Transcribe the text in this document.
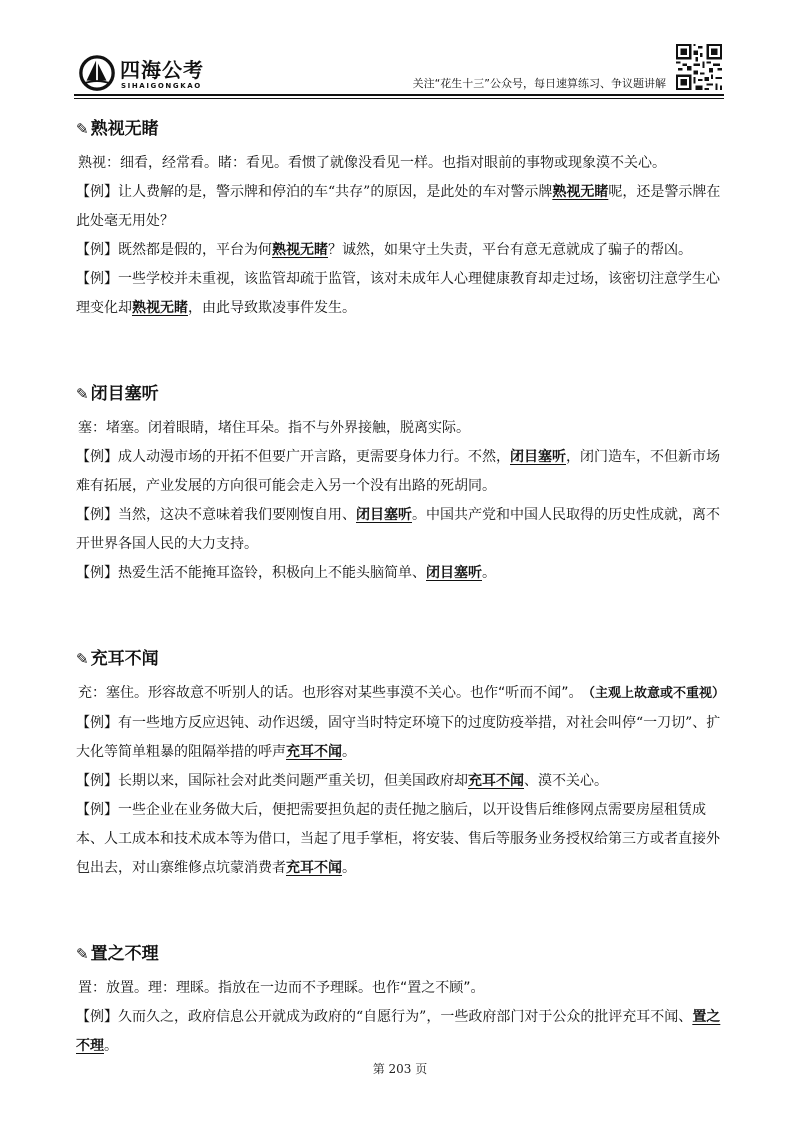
四海公考
SIHAIGONGKAO	关注“花生十三”公众号，每日速算练习、争议题讲解
✎ 熟视无睹

熟视：细看，经常看。睹：看见。看惯了就像没看见一样。也指对眼前的事物或现象漠不关心。

【例】让人费解的是，警示牌和停泊的车“共存”的原因，是此处的车对警示牌熟视无睹呢，还是警示牌在此处毫无用处？

【例】既然都是假的，平台为何熟视无睹？诚然，如果守土失责，平台有意无意就成了骗子的帮凶。

【例】一些学校并未重视，该监管却疏于监管，该对未成年人心理健康教育却走过场，该密切注意学生心理变化却熟视无睹，由此导致欺凌事件发生。

✎ 闭目塞听

塞：堵塞。闭着眼睛，堵住耳朵。指不与外界接触，脱离实际。

【例】成人动漫市场的开拓不但要广开言路，更需要身体力行。不然，闭目塞听，闭门造车，不但新市场难有拓展，产业发展的方向很可能会走入另一个没有出路的死胡同。

【例】当然，这决不意味着我们要刚愎自用、闭目塞听。中国共产党和中国人民取得的历史性成就，离不开世界各国人民的大力支持。

【例】热爱生活不能掩耳盗铃，积极向上不能头脑简单、闭目塞听。

✎ 充耳不闻

充：塞住。形容故意不听别人的话。也形容对某些事漠不关心。也作“听而不闻”。 （主观上故意或不重视）

【例】有一些地方反应迟钝、动作迟缓，固守当时特定环境下的过度防疫举措，对社会叫停“一刀切”、扩大化等简单粗暴的阻隔举措的呼声充耳不闻。

【例】长期以来，国际社会对此类问题严重关切，但美国政府却充耳不闻、漠不关心。

【例】一些企业在业务做大后，便把需要担负起的责任抛之脑后，以开设售后维修网点需要房屋租赁成本、人工成本和技术成本等为借口，当起了甩手掌柜，将安装、售后等服务业务授权给第三方或者直接外包出去，对山寨维修点坑蒙消费者充耳不闻。

✎ 置之不理

置：放置。理：理睬。指放在一边而不予理睬。也作“置之不顾”。

【例】久而久之，政府信息公开就成为政府的“自愿行为”，一些政府部门对于公众的批评充耳不闻、置之不理。

第 203 页
